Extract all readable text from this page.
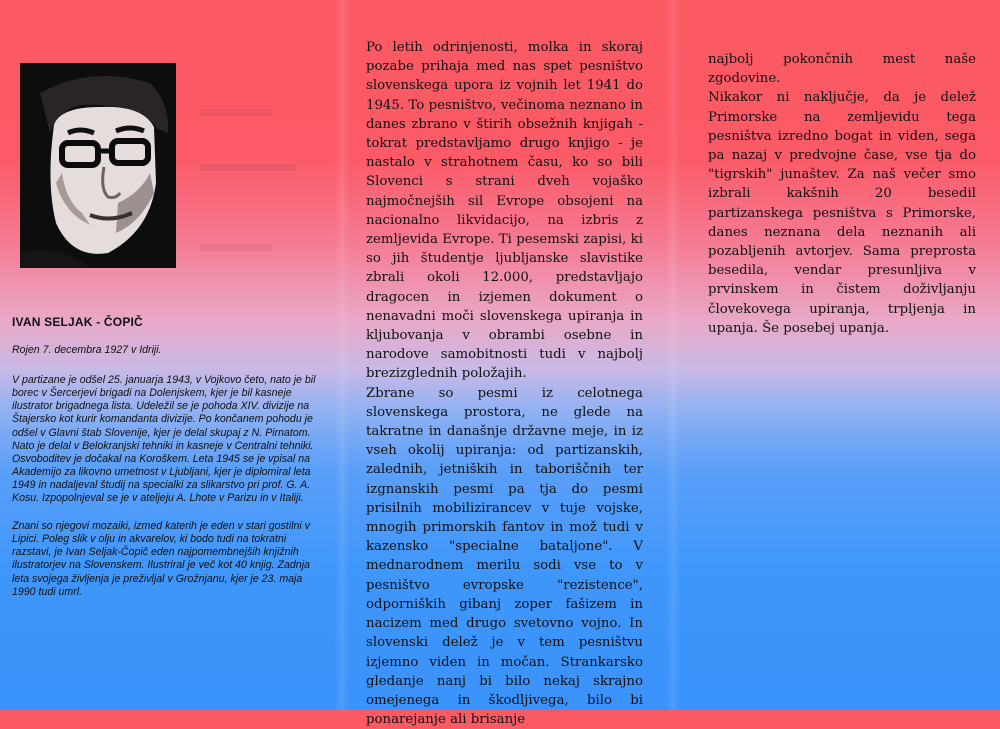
▬▬▬
▬▬▬▬
▬▬▬
IVAN SELJAK - ČOPIČ
Rojen 7. decembra 1927 v Idriji.
V partizane je odšel 25. januarja 1943, v Vojkovo četo, nato je bil borec v Šercerjevi brigadi na Dolenjskem, kjer je bil kasneje ilustrator brigadnega lista. Udeležil se je pohoda XIV. divizije na Štajersko kot kurir komandanta divizije. Po končanem pohodu je odšel v Glavni štab Slovenije, kjer je delal skupaj z N. Pirnatom. Nato je delal v Belokranjski tehniki in kasneje v Centralni tehniki. Osvoboditev je dočakal na Koroškem. Leta 1945 se je vpisal na Akademijo za likovno umetnost v Ljubljani, kjer je diplomiral leta 1949 in nadaljeval študij na specialki za slikarstvo pri prof. G. A. Kosu. Izpopolnjeval se je v ateljeju A. Lhote v Parizu in v Italiji.
Znani so njegovi mozaiki, izmed katerih je eden v stari gostilni v Lipici. Poleg slik v olju in akvarelov, ki bodo tudi na tokratni razstavi, je Ivan Seljak-Čopič eden najpomembnejših knjižnih ilustratorjev na Slovenskem. Ilustriral je več kot 40 knjig. Zadnja leta svojega življenja je preživljal v Grožnjanu, kjer je 23. maja 1990 tudi umrl.

Po letih odrinjenosti, molka in skoraj pozabe prihaja med nas spet pesništvo slovenskega upora iz vojnih let 1941 do 1945. To pesništvo, večinoma neznano in danes zbrano v štirih obsežnih knjigah - tokrat predstavljamo drugo knjigo - je nastalo v strahotnem času, ko so bili Slovenci s strani dveh vojaško najmočnejših sil Evrope obsojeni na nacionalno likvidacijo, na izbris z zemljevida Evrope. Ti pesemski zapisi, ki so jih študentje ljubljanske slavistike zbrali okoli 12.000, predstavljajo dragocen in izjemen dokument o nenavadni moči slovenskega upiranja in kljubovanja v obrambi osebne in narodove samobitnosti tudi v najbolj brezizglednih položajih.

Zbrane so pesmi iz celotnega slovenskega prostora, ne glede na takratne in današnje državne meje, in iz vseh okolij upiranja: od partizanskih, zalednih, jetniških in taboriščnih ter izgnanskih pesmi pa tja do pesmi prisilnih mobilizirancev v tuje vojske, mnogih primorskih fantov in mož tudi v kazensko "specialne bataljone". V mednarodnem merilu sodi vse to v pesništvo evropske "rezistence", odporniških gibanj zoper fašizem in nacizem med drugo svetovno vojno. In slovenski delež je v tem pesništvu izjemno viden in močan. Strankarsko gledanje nanj bi bilo nekaj skrajno omejenega in škodljivega, bilo bi ponarejanje ali brisanje

najbolj pokončnih mest naše zgodovine.

Nikakor ni naključje, da je delež Primorske na zemljevidu tega pesništva izredno bogat in viden, sega pa nazaj v predvojne čase, vse tja do "tigrskih" junaštev. Za naš večer smo izbrali kakšnih 20 besedil partizanskega pesništva s Primorske, danes neznana dela neznanih ali pozabljenih avtorjev. Sama preprosta besedila, vendar presunljiva v prvinskem in čistem doživljanju človekovega upiranja, trpljenja in upanja. Še posebej upanja.
